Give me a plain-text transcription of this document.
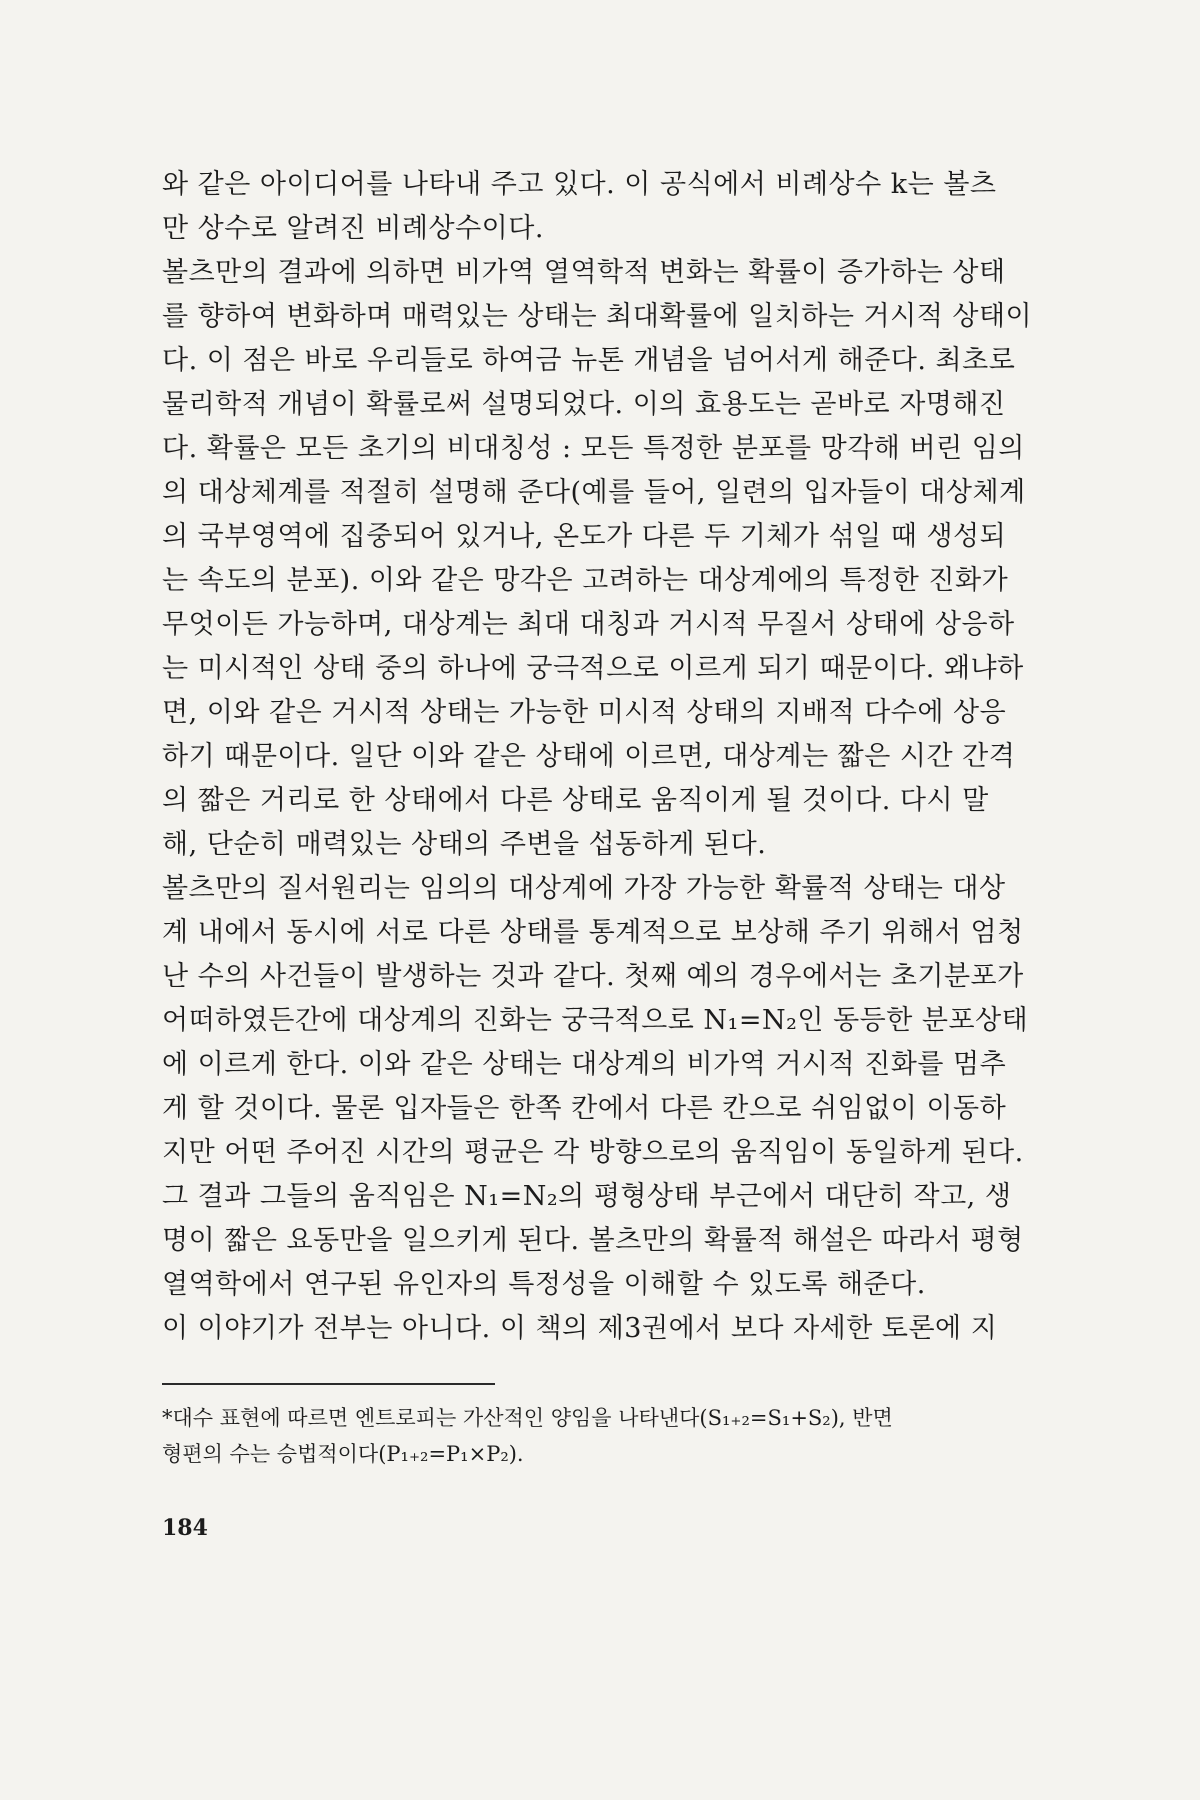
와 같은 아이디어를 나타내 주고 있다. 이 공식에서 비례상수 k는 볼츠
만 상수로 알려진 비례상수이다.
볼츠만의 결과에 의하면 비가역 열역학적 변화는 확률이 증가하는 상태
를 향하여 변화하며 매력있는 상태는 최대확률에 일치하는 거시적 상태이
다. 이 점은 바로 우리들로 하여금 뉴톤 개념을 넘어서게 해준다. 최초로
물리학적 개념이 확률로써 설명되었다. 이의 효용도는 곧바로 자명해진
다. 확률은 모든 초기의 비대칭성 : 모든 특정한 분포를 망각해 버린 임의
의 대상체계를 적절히 설명해 준다(예를 들어, 일련의 입자들이 대상체계
의 국부영역에 집중되어 있거나, 온도가 다른 두 기체가 섞일 때 생성되
는 속도의 분포). 이와 같은 망각은 고려하는 대상계에의 특정한 진화가
무엇이든 가능하며, 대상계는 최대 대칭과 거시적 무질서 상태에 상응하
는 미시적인 상태 중의 하나에 궁극적으로 이르게 되기 때문이다. 왜냐하
면, 이와 같은 거시적 상태는 가능한 미시적 상태의 지배적 다수에 상응
하기 때문이다. 일단 이와 같은 상태에 이르면, 대상계는 짧은 시간 간격
의 짧은 거리로 한 상태에서 다른 상태로 움직이게 될 것이다. 다시 말
해, 단순히 매력있는 상태의 주변을 섭동하게 된다.
볼츠만의 질서원리는 임의의 대상계에 가장 가능한 확률적 상태는 대상
계 내에서 동시에 서로 다른 상태를 통계적으로 보상해 주기 위해서 엄청
난 수의 사건들이 발생하는 것과 같다. 첫째 예의 경우에서는 초기분포가
어떠하였든간에 대상계의 진화는 궁극적으로 N₁=N₂인 동등한 분포상태
에 이르게 한다. 이와 같은 상태는 대상계의 비가역 거시적 진화를 멈추
게 할 것이다. 물론 입자들은 한쪽 칸에서 다른 칸으로 쉬임없이 이동하
지만 어떤 주어진 시간의 평균은 각 방향으로의 움직임이 동일하게 된다.
그 결과 그들의 움직임은 N₁=N₂의 평형상태 부근에서 대단히 작고, 생
명이 짧은 요동만을 일으키게 된다. 볼츠만의 확률적 해설은 따라서 평형
열역학에서 연구된 유인자의 특정성을 이해할 수 있도록 해준다.
이 이야기가 전부는 아니다. 이 책의 제3권에서 보다 자세한 토론에 지
*대수 표현에 따르면 엔트로피는 가산적인 양임을 나타낸다(S₁₊₂=S₁+S₂), 반면
형편의 수는 승법적이다(P₁₊₂=P₁×P₂).
184
